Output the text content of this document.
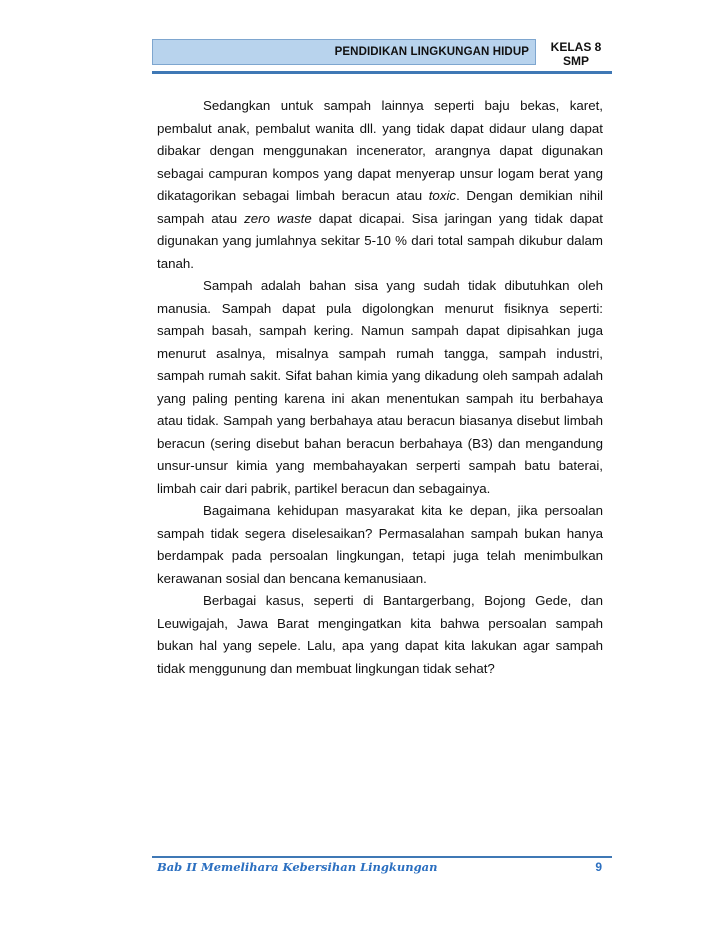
PENDIDIKAN LINGKUNGAN HIDUP	KELAS 8
SMP

Sedangkan untuk sampah lainnya seperti baju bekas, karet, pembalut anak, pembalut wanita dll. yang tidak dapat didaur ulang dapat dibakar dengan menggunakan incenerator, arangnya dapat digunakan sebagai campuran kompos yang dapat menyerap unsur logam berat yang dikatagorikan sebagai limbah beracun atau toxic. Dengan demikian nihil sampah atau zero waste dapat dicapai. Sisa jaringan yang tidak dapat digunakan yang jumlahnya sekitar 5-10 % dari total sampah dikubur dalam tanah.

Sampah adalah bahan sisa yang sudah tidak dibutuhkan oleh manusia. Sampah dapat pula digolongkan menurut fisiknya seperti: sampah basah, sampah kering. Namun sampah dapat dipisahkan juga menurut asalnya, misalnya sampah rumah tangga, sampah industri, sampah rumah sakit. Sifat bahan kimia yang dikadung oleh sampah adalah yang paling penting karena ini akan menentukan sampah itu berbahaya atau tidak. Sampah yang berbahaya atau beracun biasanya disebut limbah beracun (sering disebut bahan beracun berbahaya (B3) dan mengandung unsur-unsur kimia yang membahayakan serperti sampah batu baterai, limbah cair dari pabrik, partikel beracun dan sebagainya.

Bagaimana kehidupan masyarakat kita ke depan, jika persoalan sampah tidak segera diselesaikan? Permasalahan sampah bukan hanya berdampak pada persoalan lingkungan, tetapi juga telah menimbulkan kerawanan sosial dan bencana kemanusiaan.

Berbagai kasus, seperti di Bantargerbang, Bojong Gede, dan Leuwigajah, Jawa Barat mengingatkan kita bahwa persoalan sampah bukan hal yang sepele. Lalu, apa yang dapat kita lakukan agar sampah tidak menggunung dan membuat lingkungan tidak sehat?

Bab II Memelihara Kebersihan Lingkungan	9
